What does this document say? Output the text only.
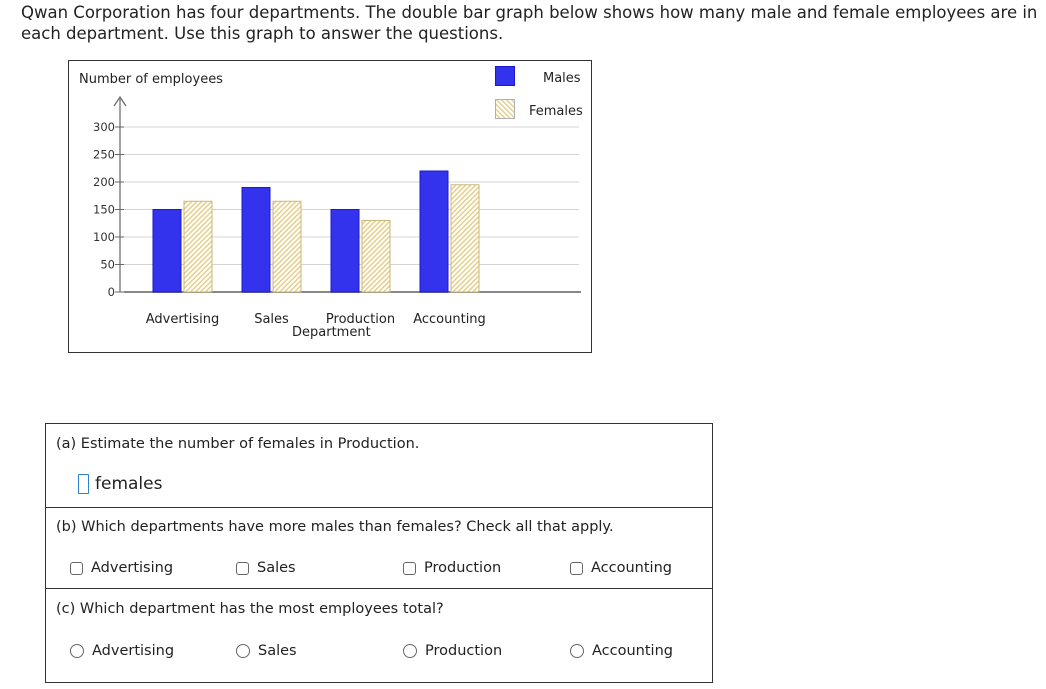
Qwan Corporation has four departments. The double bar graph below shows how many male and female employees are in each department. Use this graph to answer the questions.

0
50
100
150
200
250
300
Advertising	Sales	Production Accounting
Number of employees	Males
Females
Department
(a) Estimate the number of females in Production.
females
(b) Which departments have more males than females? Check all that apply.
Advertising	Sales	Production	Accounting
(c) Which department has the most employees total?
Advertising	Sales	Production	Accounting
